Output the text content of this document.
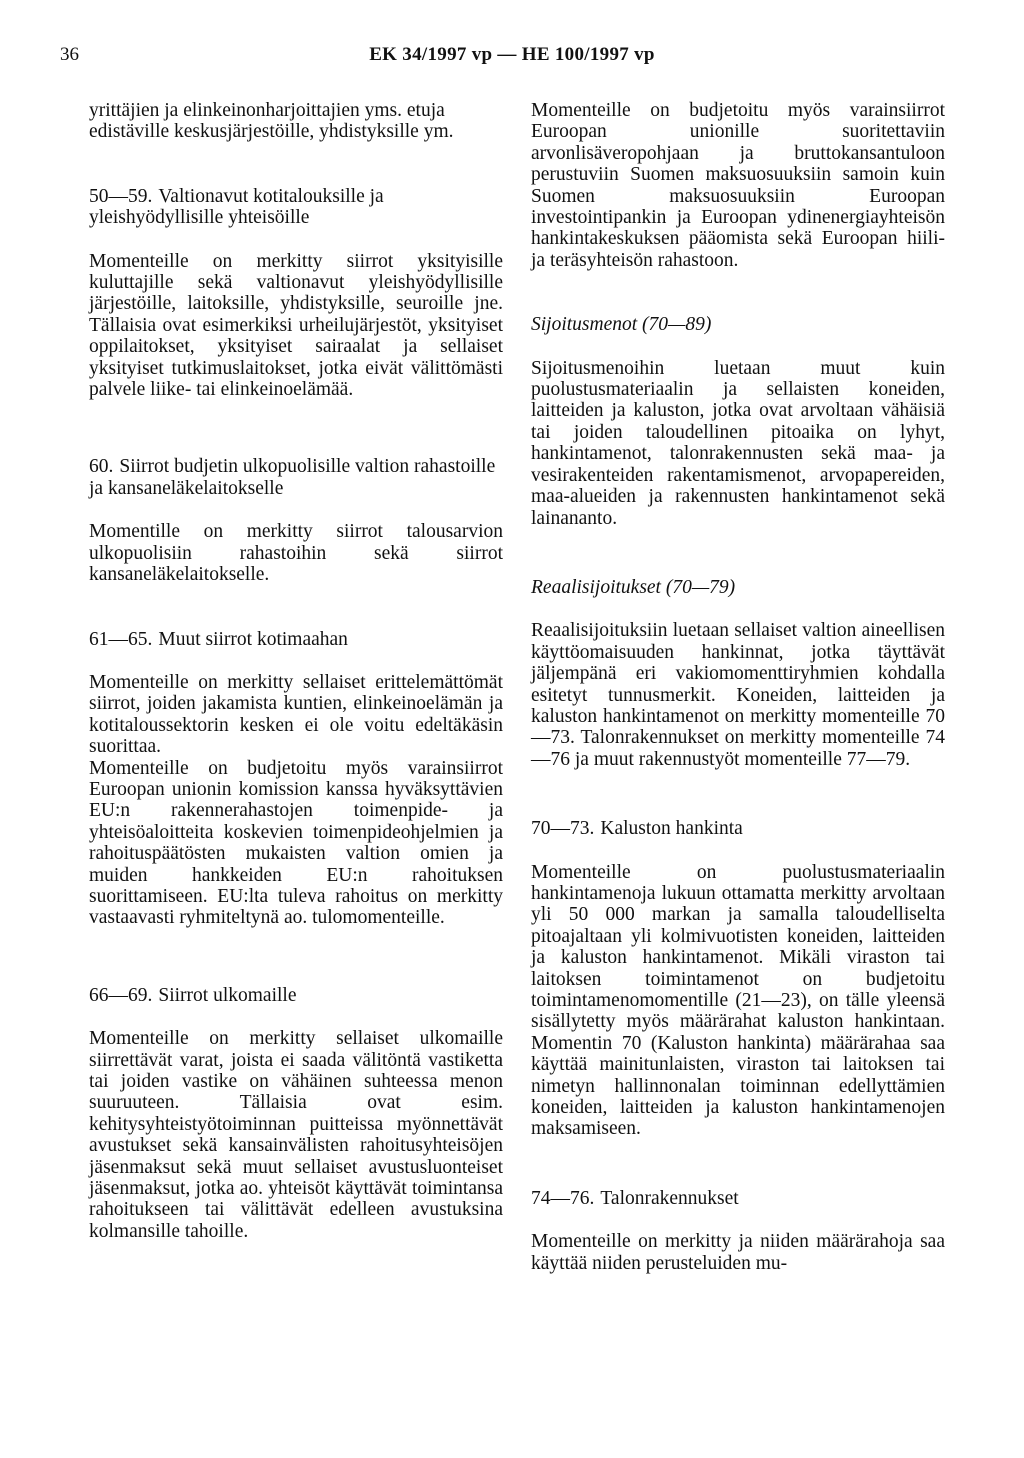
36	EK 34/1997 vp — HE 100/1997 vp

yrittäjien ja elinkeinonharjoittajien yms. etuja edistäville keskusjärjestöille, yhdistyksille ym.

50—59. Valtionavut kotitalouksille ja yleishyödyllisille yhteisöille

Momenteille on merkitty siirrot yksityisille kuluttajille sekä valtionavut yleishyödyllisille järjestöille, laitoksille, yhdistyksille, seuroille jne. Tällaisia ovat esimerkiksi urheilujärjestöt, yksityiset oppilaitokset, yksityiset sairaalat ja sellaiset yksityiset tutkimuslaitokset, jotka eivät välittömästi palvele liike- tai elinkeinoelämää.

60. Siirrot budjetin ulkopuolisille valtion rahastoille ja kansaneläkelaitokselle

Momentille on merkitty siirrot talousarvion ulkopuolisiin rahastoihin sekä siirrot kansaneläkelaitokselle.

61—65. Muut siirrot kotimaahan

Momenteille on merkitty sellaiset erittelemättömät siirrot, joiden jakamista kuntien, elinkeinoelämän ja kotitaloussektorin kesken ei ole voitu edeltäkäsin suorittaa.

Momenteille on budjetoitu myös varainsiirrot Euroopan unionin komission kanssa hyväksyttävien EU:n rakennerahastojen toimenpide- ja yhteisöaloitteita koskevien toimenpideohjelmien ja rahoituspäätösten mukaisten valtion omien ja muiden hankkeiden EU:n rahoituksen suorittamiseen. EU:lta tuleva rahoitus on merkitty vastaavasti ryhmiteltynä ao. tulomomenteille.

66—69. Siirrot ulkomaille

Momenteille on merkitty sellaiset ulkomaille siirrettävät varat, joista ei saada välitöntä vastiketta tai joiden vastike on vähäinen suhteessa menon suuruuteen. Tällaisia ovat esim. kehitysyhteistyötoiminnan puitteissa myönnettävät avustukset sekä kansainvälisten rahoitusyhteisöjen jäsenmaksut sekä muut sellaiset avustusluonteiset jäsenmaksut, jotka ao. yhteisöt käyttävät toimintansa rahoitukseen tai välittävät edelleen avustuksina kolmansille tahoille.

Momenteille on budjetoitu myös varainsiirrot Euroopan unionille suoritettaviin arvonlisäveropohjaan ja bruttokansantuloon perustuviin Suomen maksuosuuksiin samoin kuin Suomen maksuosuuksiin Euroopan investointipankin ja Euroopan ydinenergiayhteisön hankintakeskuksen pääomista sekä Euroopan hiili- ja teräsyhteisön rahastoon.

Sijoitusmenot (70—89)

Sijoitusmenoihin luetaan muut kuin puolustusmateriaalin ja sellaisten koneiden, laitteiden ja kaluston, jotka ovat arvoltaan vähäisiä tai joiden taloudellinen pitoaika on lyhyt, hankintamenot, talonrakennusten sekä maa- ja vesirakenteiden rakentamismenot, arvopapereiden, maa-alueiden ja rakennusten hankintamenot sekä lainananto.

Reaalisijoitukset (70—79)

Reaalisijoituksiin luetaan sellaiset valtion aineellisen käyttöomaisuuden hankinnat, jotka täyttävät jäljempänä eri vakiomomenttiryhmien kohdalla esitetyt tunnusmerkit. Koneiden, laitteiden ja kaluston hankintamenot on merkitty momenteille 70—73. Talonrakennukset on merkitty momenteille 74—76 ja muut rakennustyöt momenteille 77—79.

70—73. Kaluston hankinta

Momenteille on puolustusmateriaalin hankintamenoja lukuun ottamatta merkitty arvoltaan yli 50 000 markan ja samalla taloudelliselta pitoajaltaan yli kolmivuotisten koneiden, laitteiden ja kaluston hankintamenot. Mikäli viraston tai laitoksen toimintamenot on budjetoitu toimintamenomomentille (21—23), on tälle yleensä sisällytetty myös määrärahat kaluston hankintaan. Momentin 70 (Kaluston hankinta) määrärahaa saa käyttää mainitunlaisten, viraston tai laitoksen tai nimetyn hallinnonalan toiminnan edellyttämien koneiden, laitteiden ja kaluston hankintamenojen maksamiseen.

74—76. Talonrakennukset

Momenteille on merkitty ja niiden määrärahoja saa käyttää niiden perusteluiden mu-
